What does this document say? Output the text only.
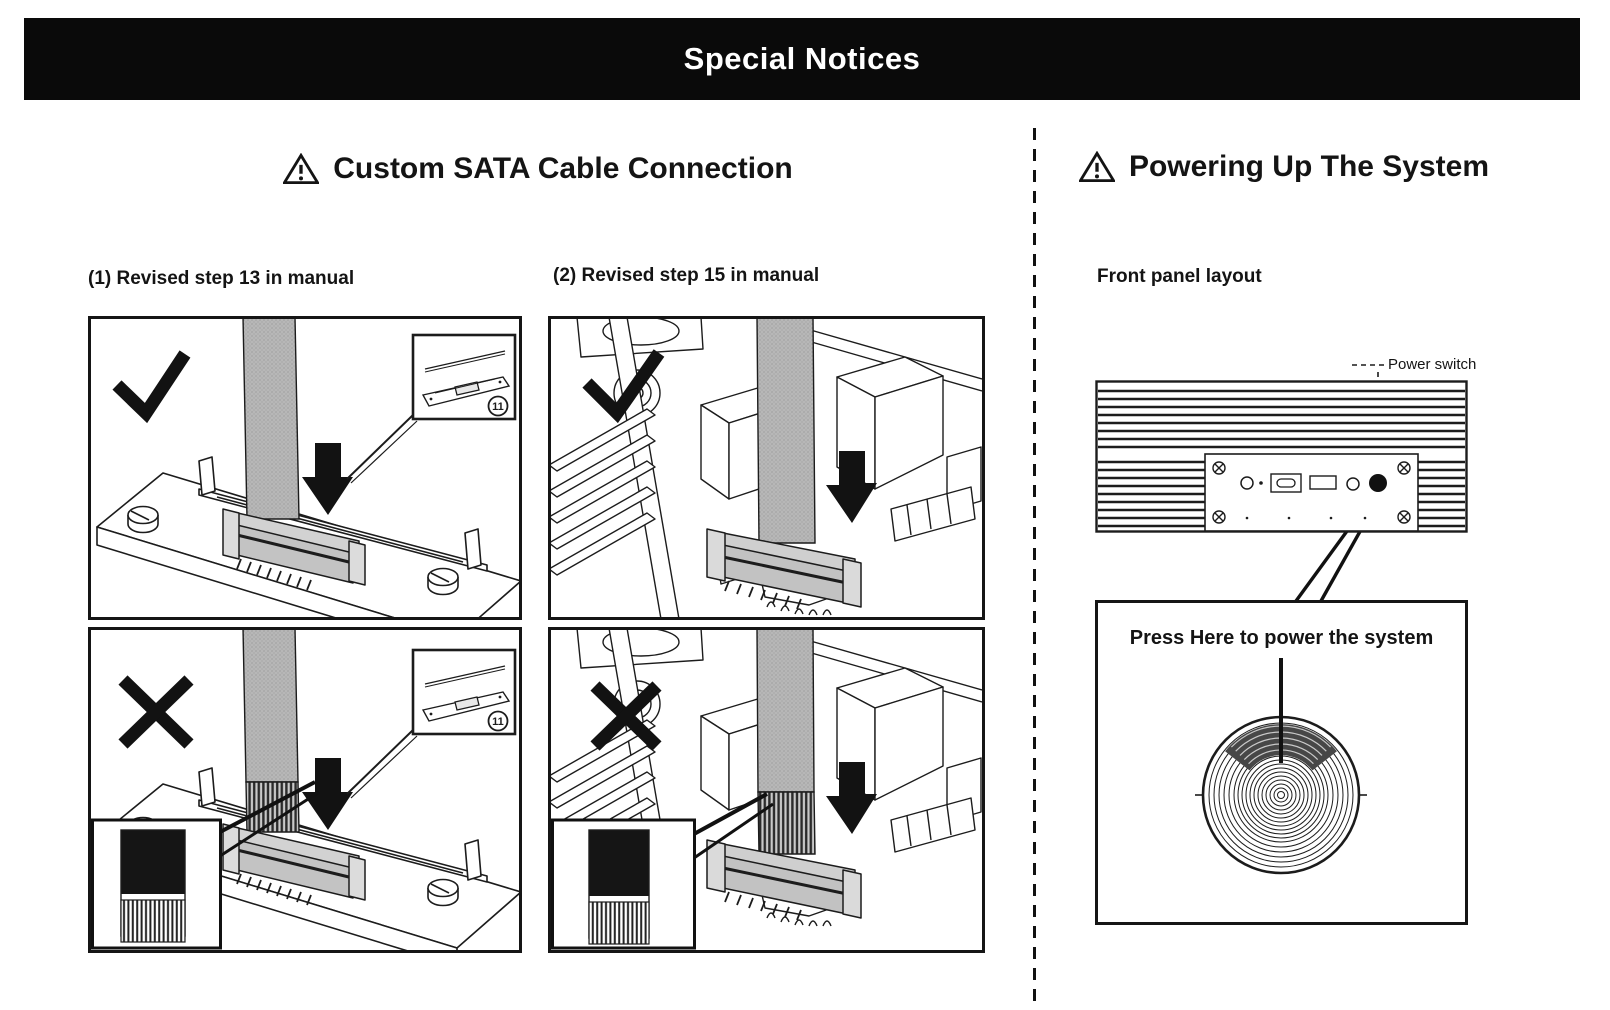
Special Notices
Custom SATA Cable Connection
(1) Revised step 13 in manual	(2) Revised step 15 in manual
11
11
Powering Up The System
Front panel layout
Power switch
Press Here to power the system
